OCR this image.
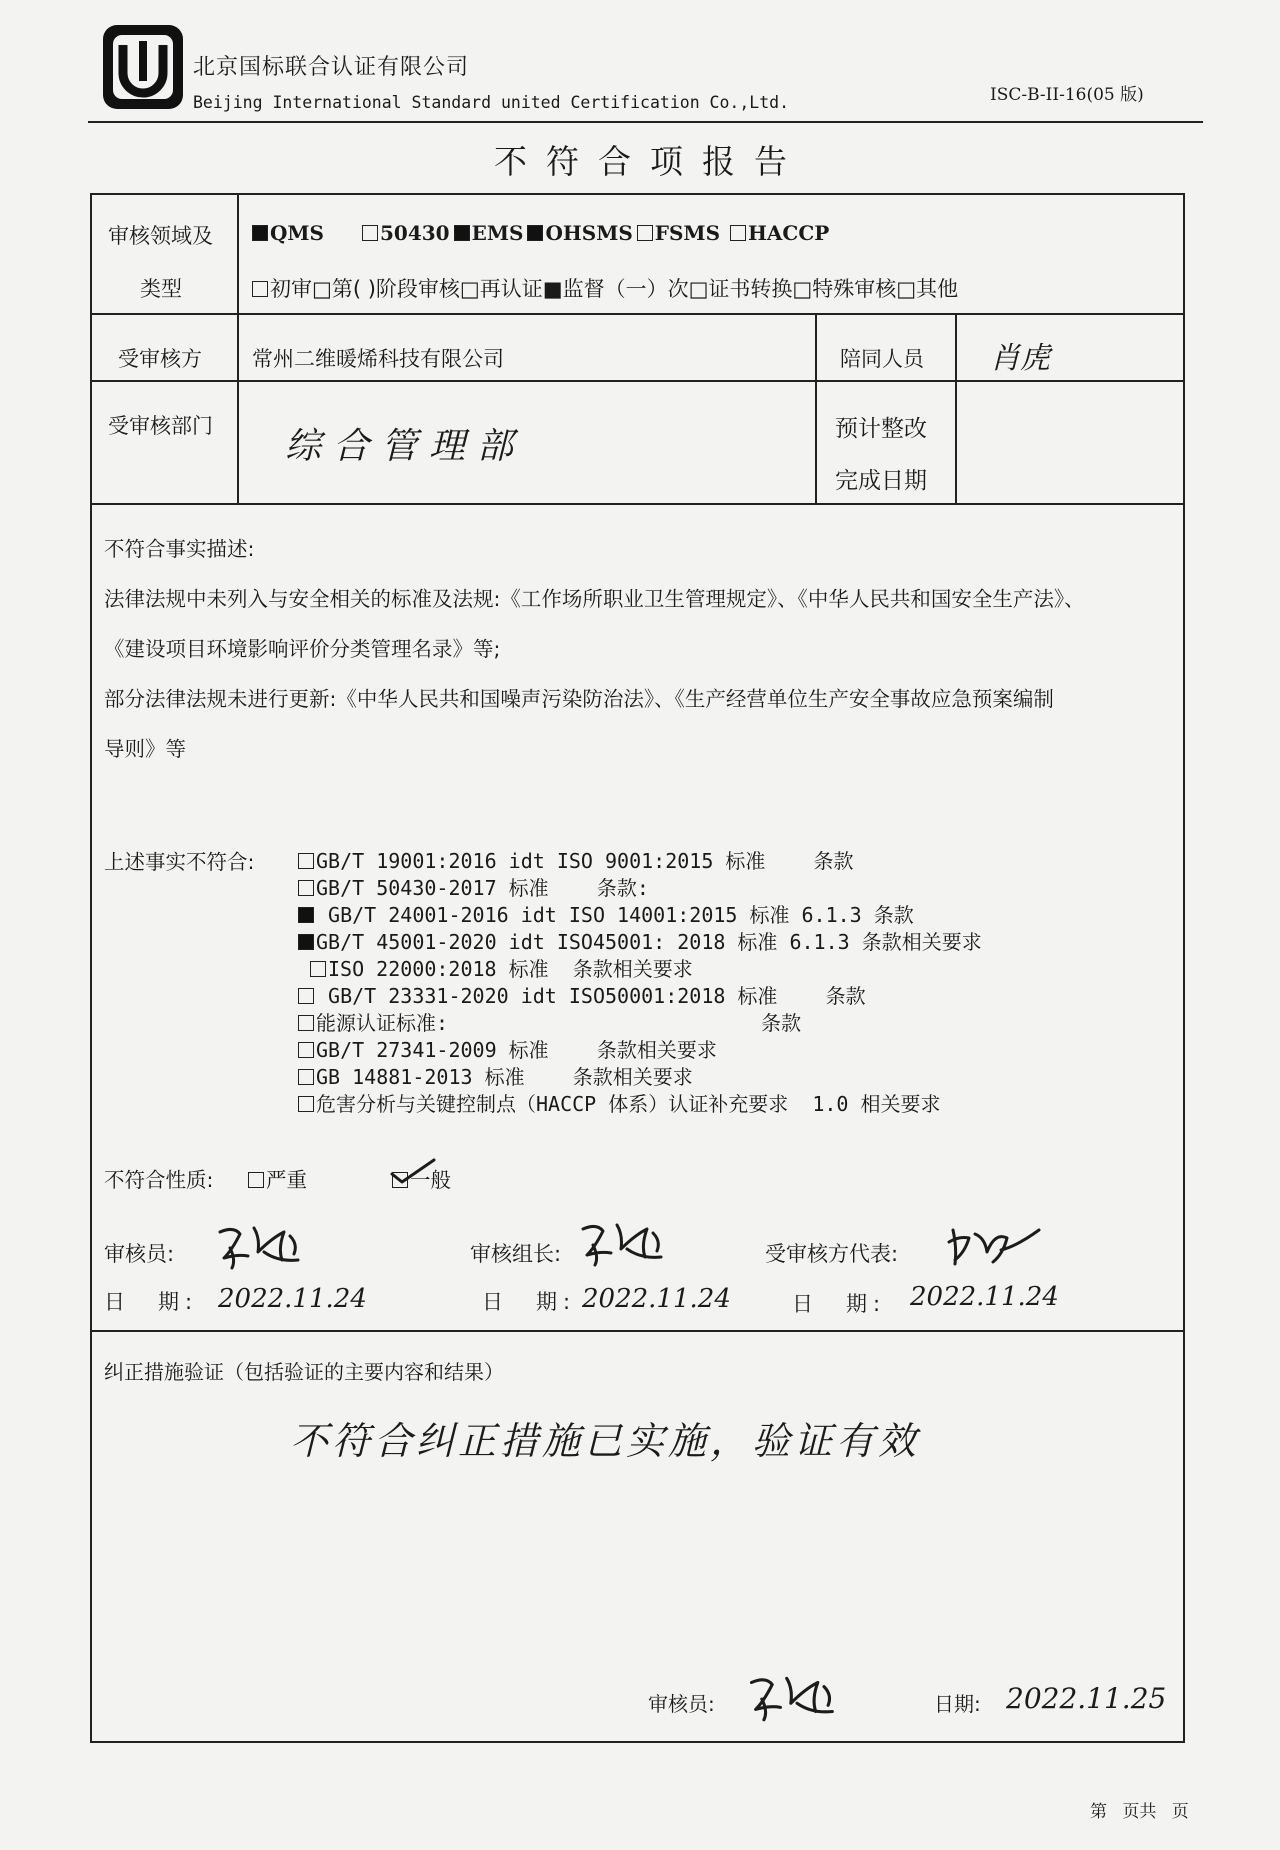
北京国标联合认证有限公司
Beijing International Standard united Certification Co.,Ltd.	ISC-B-II-16(05 版)
不符合项报告
审核领域及
类型
QMS	50430 EMS OHSMS FSMS HACCP
初审□第( )阶段审核□再认证■监督（一）次□证书转换□特殊审核□其他
受审核方 常州二维暖烯科技有限公司	陪同人员 肖虎
受审核部门 综合管理部	预计整改
完成日期
不符合事实描述:
法律法规中未列入与安全相关的标准及法规:《工作场所职业卫生管理规定》、《中华人民共和国安全生产法》、
《建设项目环境影响评价分类管理名录》等;
部分法律法规未进行更新:《中华人民共和国噪声污染防治法》、《生产经营单位生产安全事故应急预案编制
导则》等
上述事实不符合:	GB/T 19001:2016 idt ISO 9001:2015 标准    条款
GB/T 50430-2017 标准    条款:
GB/T 24001-2016 idt ISO 14001:2015 标准 6.1.3 条款
GB/T 45001-2020 idt ISO45001: 2018 标准 6.1.3 条款相关要求
ISO 22000:2018 标准  条款相关要求
GB/T 23331-2020 idt ISO50001:2018 标准    条款
能源认证标准:                          条款
GB/T 27341-2009 标准    条款相关要求
GB 14881-2013 标准    条款相关要求
危害分析与关键控制点（HACCP 体系）认证补充要求  1.0 相关要求
不符合性质:	严重	一般
审核员:	审核组长:	受审核方代表:
日　期: 2022.11.24	日　期: 2022.11.24	日　期: 2022.11.24
纠正措施验证（包括验证的主要内容和结果）
不符合纠正措施已实施，验证有效
审核员:	日期: 2022.11.25
第 页共 页
